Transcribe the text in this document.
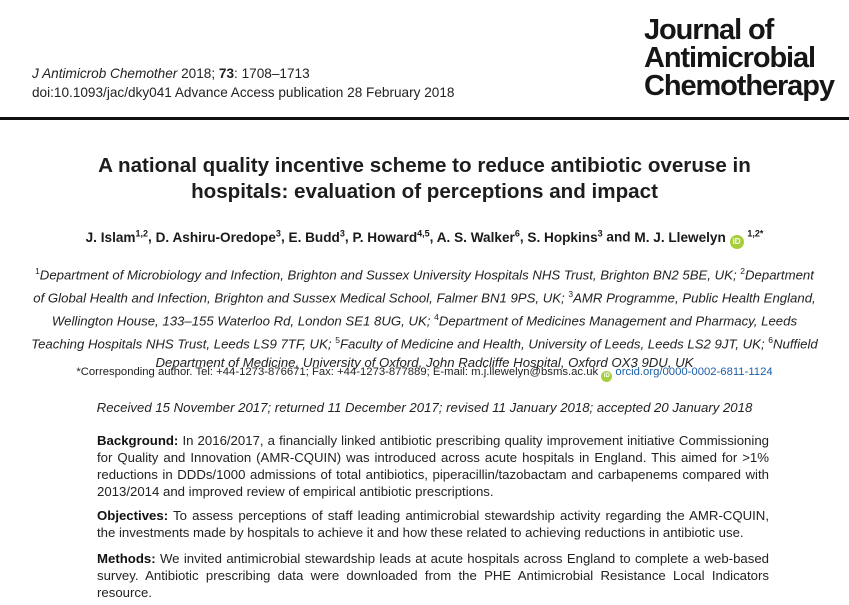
J Antimicrob Chemother 2018; 73: 1708–1713
doi:10.1093/jac/dky041 Advance Access publication 28 February 2018
Journal of
Antimicrobial
Chemotherapy
A national quality incentive scheme to reduce antibiotic overuse in
hospitals: evaluation of perceptions and impact
J. Islam$^{1,2}$, D. Ashiru-Oredope$^3$, E. Budd$^3$, P. Howard$^{4,5}$, A. S. Walker$^6$, S. Hopkins$^3$ and M. J. Llewelyn iD $^{1,2*}$
$^1$Department of Microbiology and Infection, Brighton and Sussex University Hospitals NHS Trust, Brighton BN2 5BE, UK; $^2$Department of Global Health and Infection, Brighton and Sussex Medical School, Falmer BN1 9PS, UK; $^3$AMR Programme, Public Health England, Wellington House, 133–155 Waterloo Rd, London SE1 8UG, UK; $^4$Department of Medicines Management and Pharmacy, Leeds Teaching Hospitals NHS Trust, Leeds LS9 7TF, UK; $^5$Faculty of Medicine and Health, University of Leeds, Leeds LS2 9JT, UK; $^6$Nuffield Department of Medicine, University of Oxford, John Radcliffe Hospital, Oxford OX3 9DU, UK
*Corresponding author. Tel: +44-1273-876671; Fax: +44-1273-877889; E-mail: m.j.llewelyn@bsms.ac.uk iD orcid.org/0000-0002-6811-1124
Received 15 November 2017; returned 11 December 2017; revised 11 January 2018; accepted 20 January 2018
Background: In 2016/2017, a financially linked antibiotic prescribing quality improvement initiative Commissioning for Quality and Innovation (AMR-CQUIN) was introduced across acute hospitals in England. This aimed for >1% reductions in DDDs/1000 admissions of total antibiotics, piperacillin/tazobactam and carbapenems compared with 2013/2014 and improved review of empirical antibiotic prescriptions.
Objectives: To assess perceptions of staff leading antimicrobial stewardship activity regarding the AMR-CQUIN, the investments made by hospitals to achieve it and how these related to achieving reductions in antibiotic use.
Methods: We invited antimicrobial stewardship leads at acute hospitals across England to complete a web-based survey. Antibiotic prescribing data were downloaded from the PHE Antimicrobial Resistance Local Indicators resource.
